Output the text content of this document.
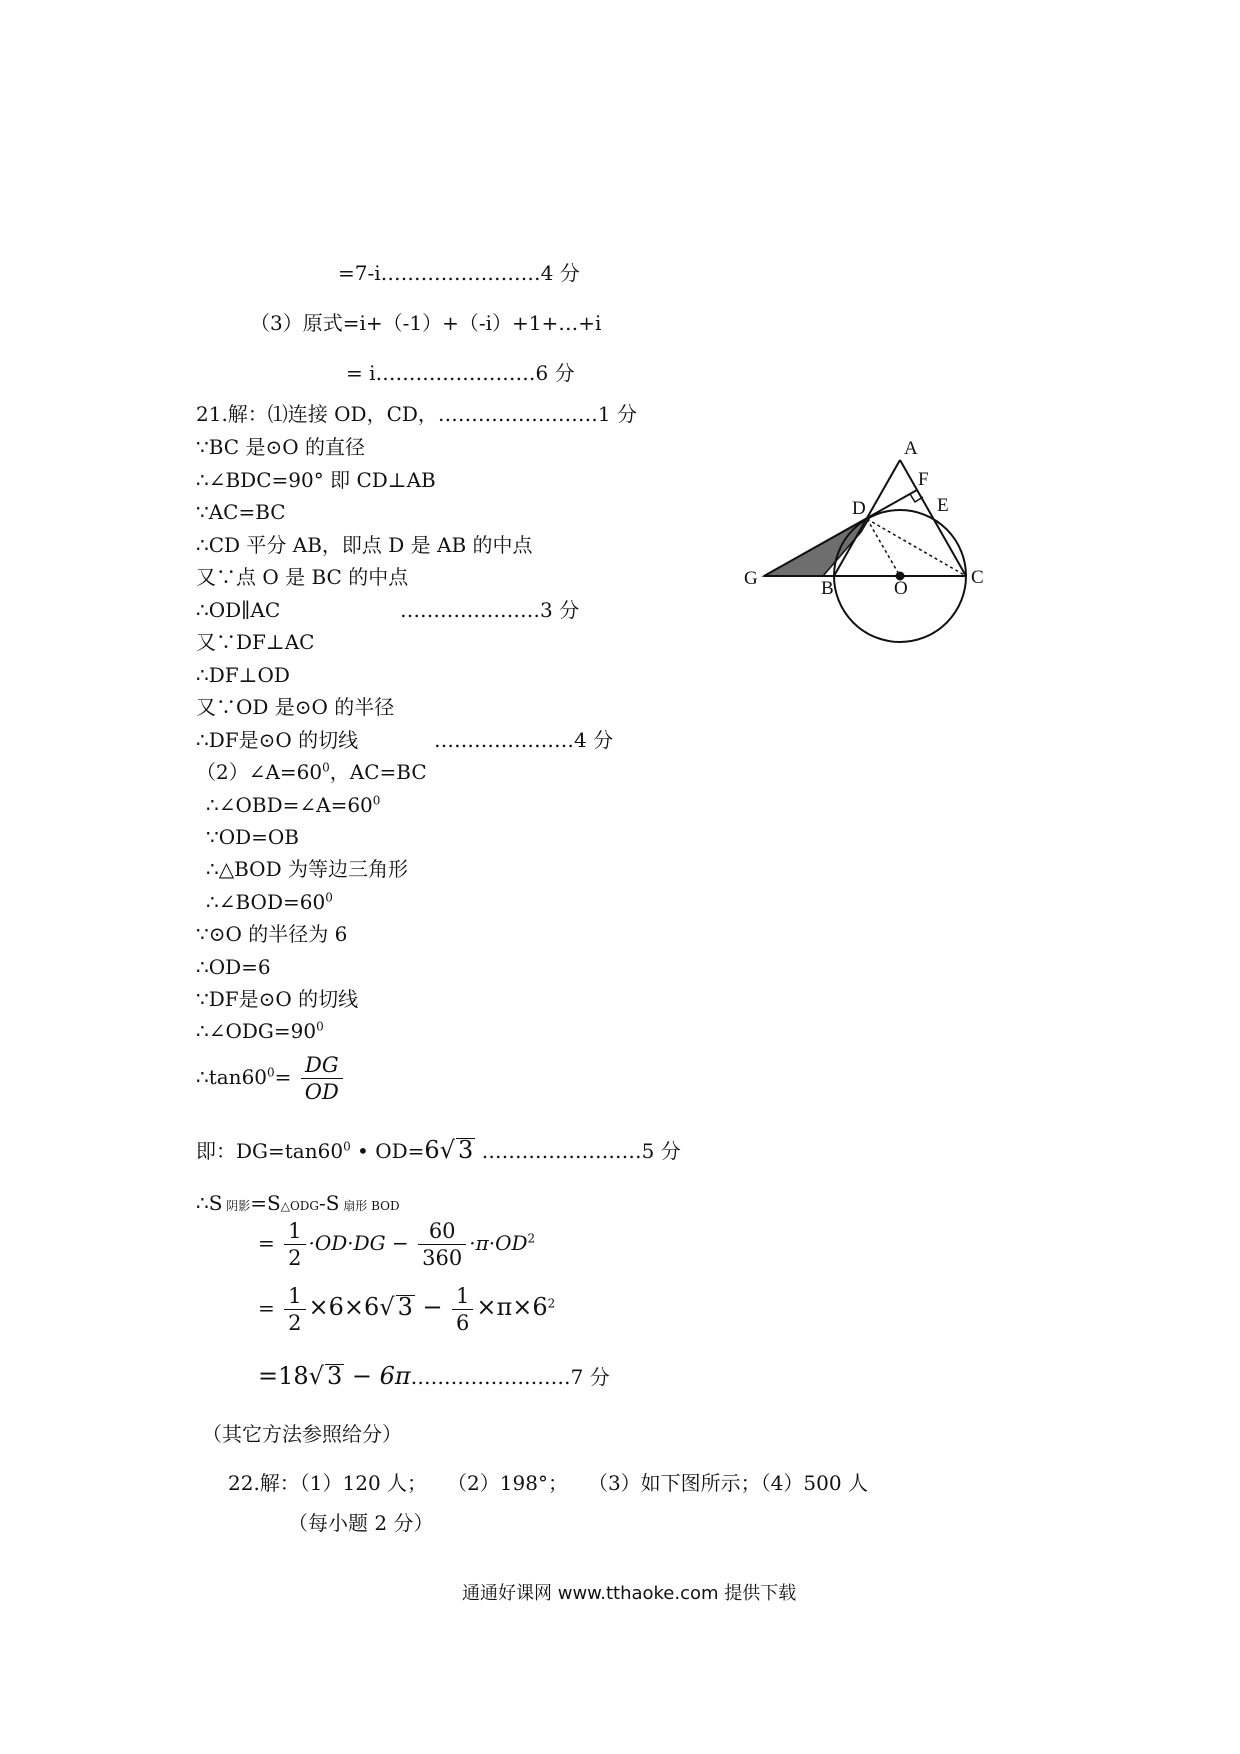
=7-i……………………4 分
（3）原式=i+（-1）+（-i）+1+…+i
= i……………………6 分
21.解：⑴连接 OD，CD，……………………1 分
∵BC 是⊙O 的直径
∴∠BDC=90° 即 CD⊥AB
∵AC=BC
∴CD 平分 AB，即点 D 是 AB 的中点
又∵点 O 是 BC 的中点
∴OD∥AC	…………………3 分
又∵DF⊥AC
∴DF⊥OD
又∵OD 是⊙O 的半径
∴DF是⊙O 的切线	…………………4 分
$(2)\angle A=60^0$，AC=BC
$\therefore\angle OBD=\angle A=60^0$
∵OD=OB
∴△BOD 为等边三角形
$\therefore\angle BOD=60^0$
∵⊙O 的半径为 6
∴OD=6
∵DF是⊙O 的切线
$\therefore\angle ODG=90^0$
$\therefore\tan 60^0= \frac{DG}{OD}$
即：$DG=\tan 60^0$ • OD=6√ 3 ……………………5 分
∴S 阴影=S△ODG-S 扇形 BOD
= $\frac{1}{2} \cdot OD\cdot DG - \frac{60}{360} \cdot\pi\cdot OD^2$
= $\frac{1}{2} \times 6\times 6√$ $3 - \frac{1}{6} \times\pi\times 6^2$
=18√ 3 − 6π……………………7 分
（其它方法参照给分）
22.解：（1）120 人；　　（2）198°；　　（3）如下图所示；（4）500 人
（每小题 2 分）
A
F
E
D
G	B	O
C
通通好课网 www.tthaoke.com 提供下载
